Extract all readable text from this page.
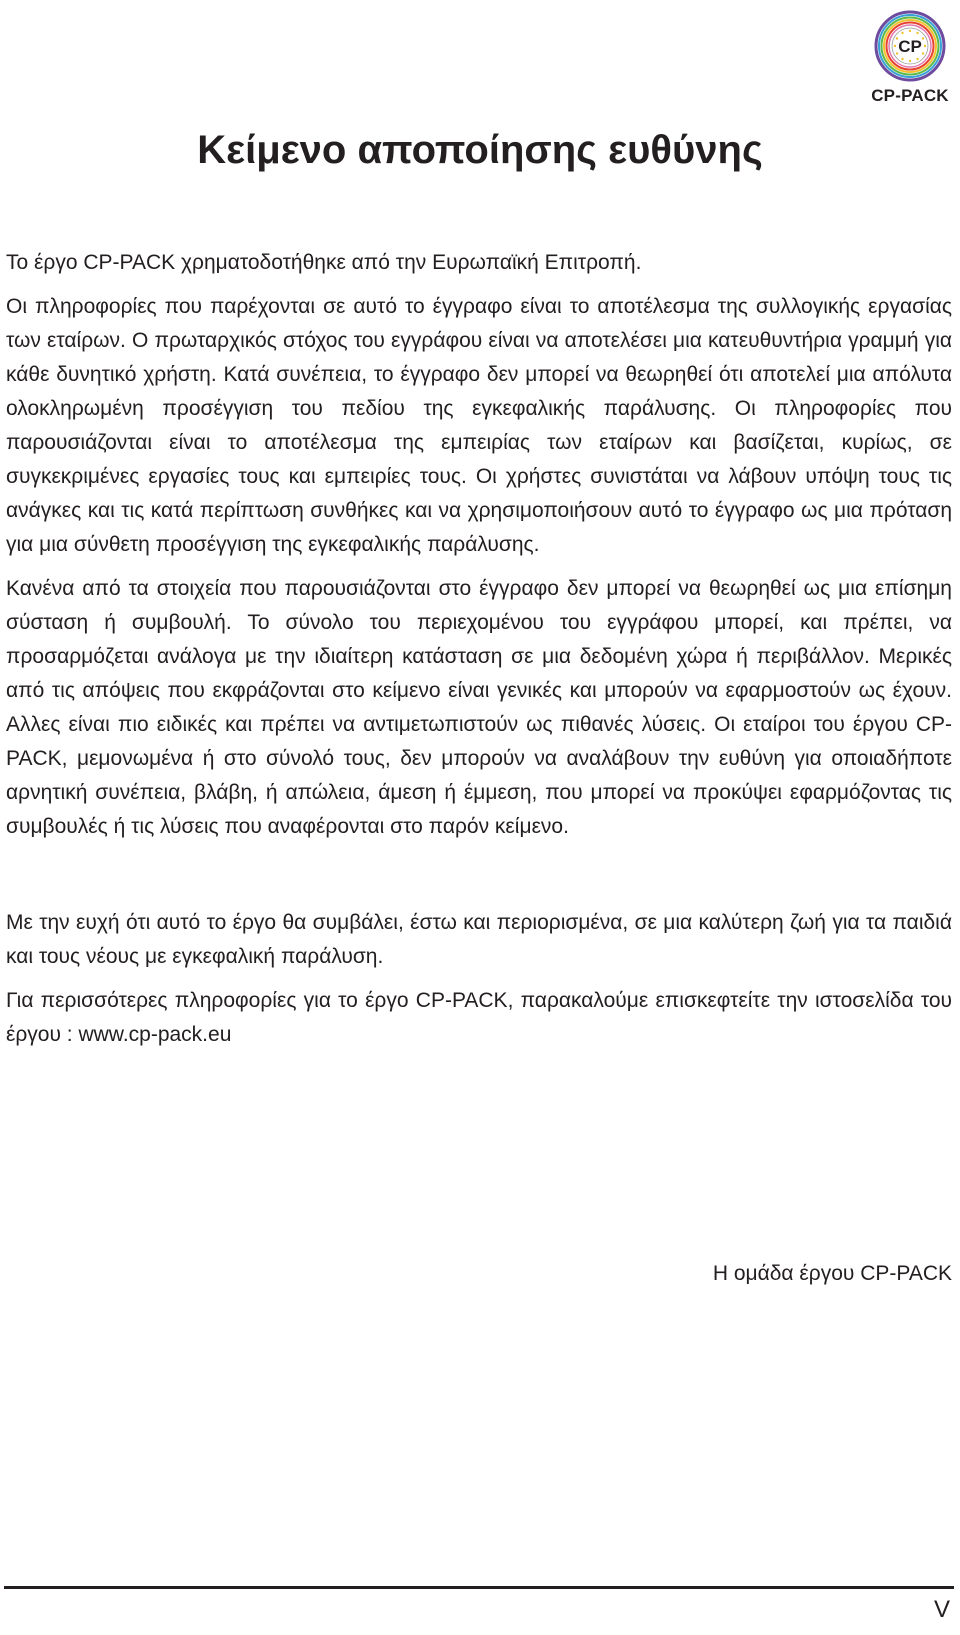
CP
CP-PACK
Κείμενο αποποίησης ευθύνης

Το έργο CP-PACK χρηματοδοτήθηκε από την Ευρωπαϊκή Επιτροπή.

Οι πληροφορίες που παρέχονται σε αυτό το έγγραφο είναι το αποτέλεσμα της συλλογικής εργασίας των εταίρων. Ο πρωταρχικός στόχος του εγγράφου είναι να αποτελέσει μια κατευθυντήρια γραμμή για κάθε δυνητικό χρήστη. Κατά συνέπεια, το έγγραφο δεν μπορεί να θεωρηθεί ότι αποτελεί μια απόλυτα ολοκληρωμένη προσέγγιση του πεδίου της εγκεφαλικής παράλυσης. Οι πληροφορίες που παρουσιάζονται είναι το αποτέλεσμα της εμπειρίας των εταίρων και βασίζεται, κυρίως, σε συγκεκριμένες εργασίες τους και εμπειρίες τους. Οι χρήστες συνιστάται να λάβουν υπόψη τους τις ανάγκες και τις κατά περίπτωση συνθήκες και να χρησιμοποιήσουν αυτό το έγγραφο ως μια πρόταση για μια σύνθετη προσέγγιση της εγκεφαλικής παράλυσης.

Κανένα από τα στοιχεία που παρουσιάζονται στο έγγραφο δεν μπορεί να θεωρηθεί ως μια επίσημη σύσταση ή συμβουλή. Το σύνολο του περιεχομένου του εγγράφου μπορεί, και πρέπει, να προσαρμόζεται ανάλογα με την ιδιαίτερη κατάσταση σε μια δεδομένη χώρα ή περιβάλλον. Μερικές από τις απόψεις που εκφράζονται στο κείμενο είναι γενικές και μπορούν να εφαρμοστούν ως έχουν. Αλλες είναι πιο ειδικές και πρέπει να αντιμετωπιστούν ως πιθανές λύσεις. Οι εταίροι του έργου CP-PACK, μεμονωμένα ή στο σύνολό τους, δεν μπορούν να αναλάβουν την ευθύνη για οποιαδήποτε αρνητική συνέπεια, βλάβη, ή απώλεια, άμεση ή έμμεση, που μπορεί να προκύψει εφαρμόζοντας τις συμβουλές ή τις λύσεις που αναφέρονται στο παρόν κείμενο.

Με την ευχή ότι αυτό το έργο θα συμβάλει, έστω και περιορισμένα, σε μια καλύτερη ζωή για τα παιδιά και τους νέους με εγκεφαλική παράλυση.

Για περισσότερες πληροφορίες για το έργο CP-PACK, παρακαλούμε επισκεφτείτε την ιστοσελίδα του έργου : www.cp-pack.eu

Η ομάδα έργου CP-PACK
V
